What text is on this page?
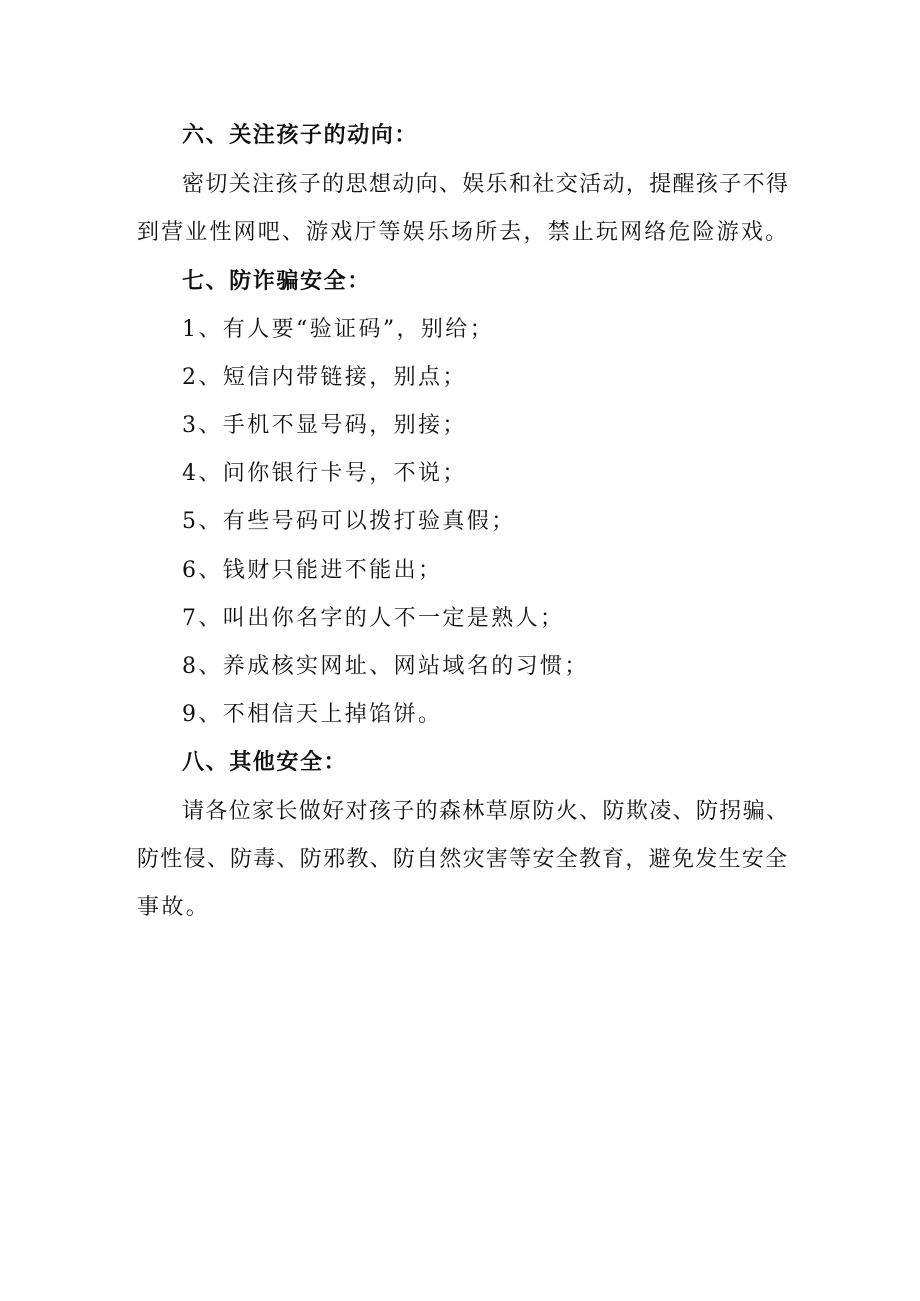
六、关注孩子的动向：
密切关注孩子的思想动向、娱乐和社交活动，提醒孩子不得
到营业性网吧、游戏厅等娱乐场所去，禁止玩网络危险游戏。
七、防诈骗安全：
1、有人要“验证码”，别给；
2、短信内带链接，别点；
3、手机不显号码，别接；
4、问你银行卡号，不说；
5、有些号码可以拨打验真假；
6、钱财只能进不能出；
7、叫出你名字的人不一定是熟人；
8、养成核实网址、网站域名的习惯；
9、不相信天上掉馅饼。
八、其他安全：
请各位家长做好对孩子的森林草原防火、防欺凌、防拐骗、
防性侵、防毒、防邪教、防自然灾害等安全教育，避免发生安全
事故。
